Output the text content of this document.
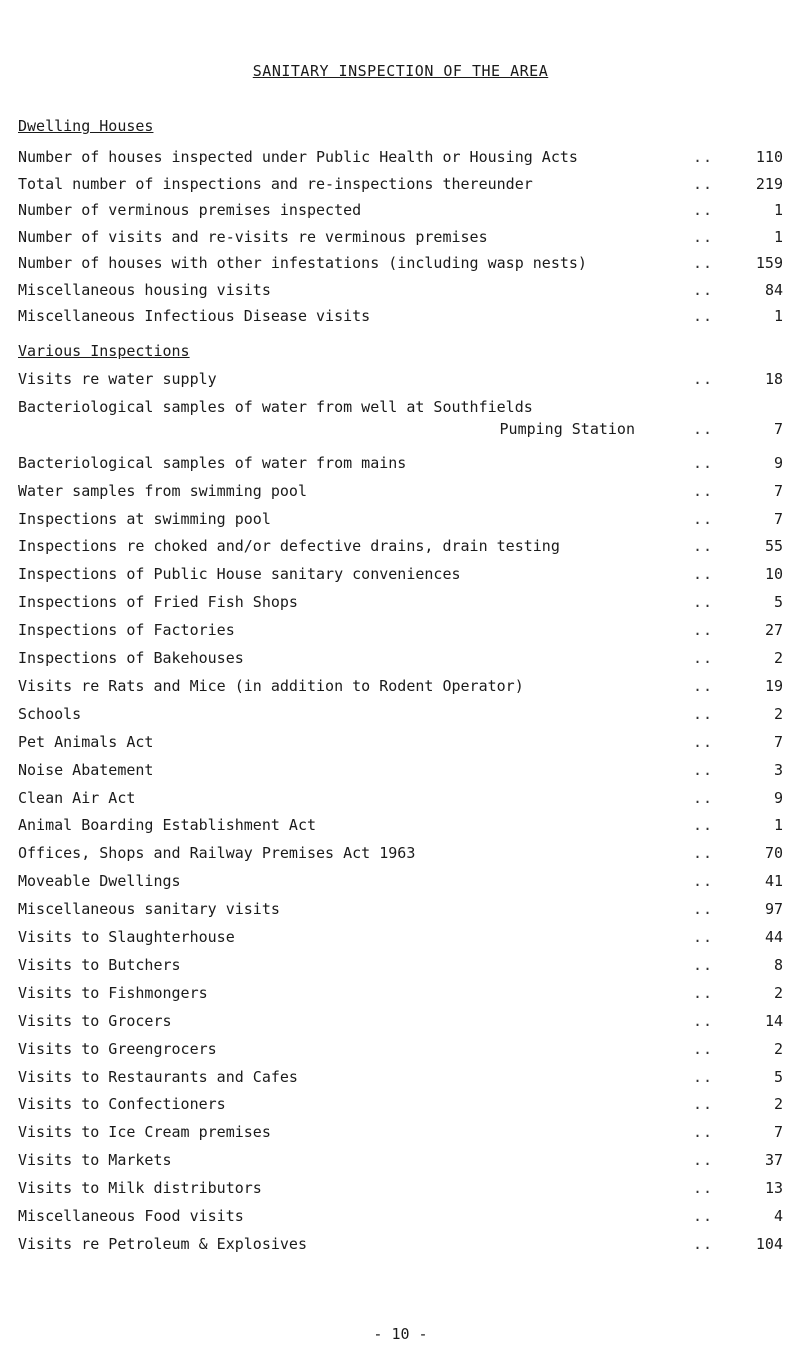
SANITARY INSPECTION OF THE AREA
Dwelling Houses
Number of houses inspected under Public Health or Housing Acts	..	110
Total number of inspections and re-inspections thereunder	..	219
Number of verminous premises inspected	..	1
Number of visits and re-visits re verminous premises	..	1
Number of houses with other infestations (including wasp nests)	..	159
Miscellaneous housing visits	..	84
Miscellaneous Infectious Disease visits	..	1
Various Inspections
Visits re water supply	..	18
Bacteriological samples of water from well at Southfields
Pumping Station	..	7
Bacteriological samples of water from mains	..	9
Water samples from swimming pool	..	7
Inspections at swimming pool	..	7
Inspections re choked and/or defective drains, drain testing	..	55
Inspections of Public House sanitary conveniences	..	10
Inspections of Fried Fish Shops	..	5
Inspections of Factories	..	27
Inspections of Bakehouses	..	2
Visits re Rats and Mice (in addition to Rodent Operator)	..	19
Schools	..	2
Pet Animals Act	..	7
Noise Abatement	..	3
Clean Air Act	..	9
Animal Boarding Establishment Act	..	1
Offices, Shops and Railway Premises Act 1963	..	70
Moveable Dwellings	..	41
Miscellaneous sanitary visits	..	97
Visits to Slaughterhouse	..	44
Visits to Butchers	..	8
Visits to Fishmongers	..	2
Visits to Grocers	..	14
Visits to Greengrocers	..	2
Visits to Restaurants and Cafes	..	5
Visits to Confectioners	..	2
Visits to Ice Cream premises	..	7
Visits to Markets	..	37
Visits to Milk distributors	..	13
Miscellaneous Food visits	..	4
Visits re Petroleum & Explosives	..	104
- 10 -
